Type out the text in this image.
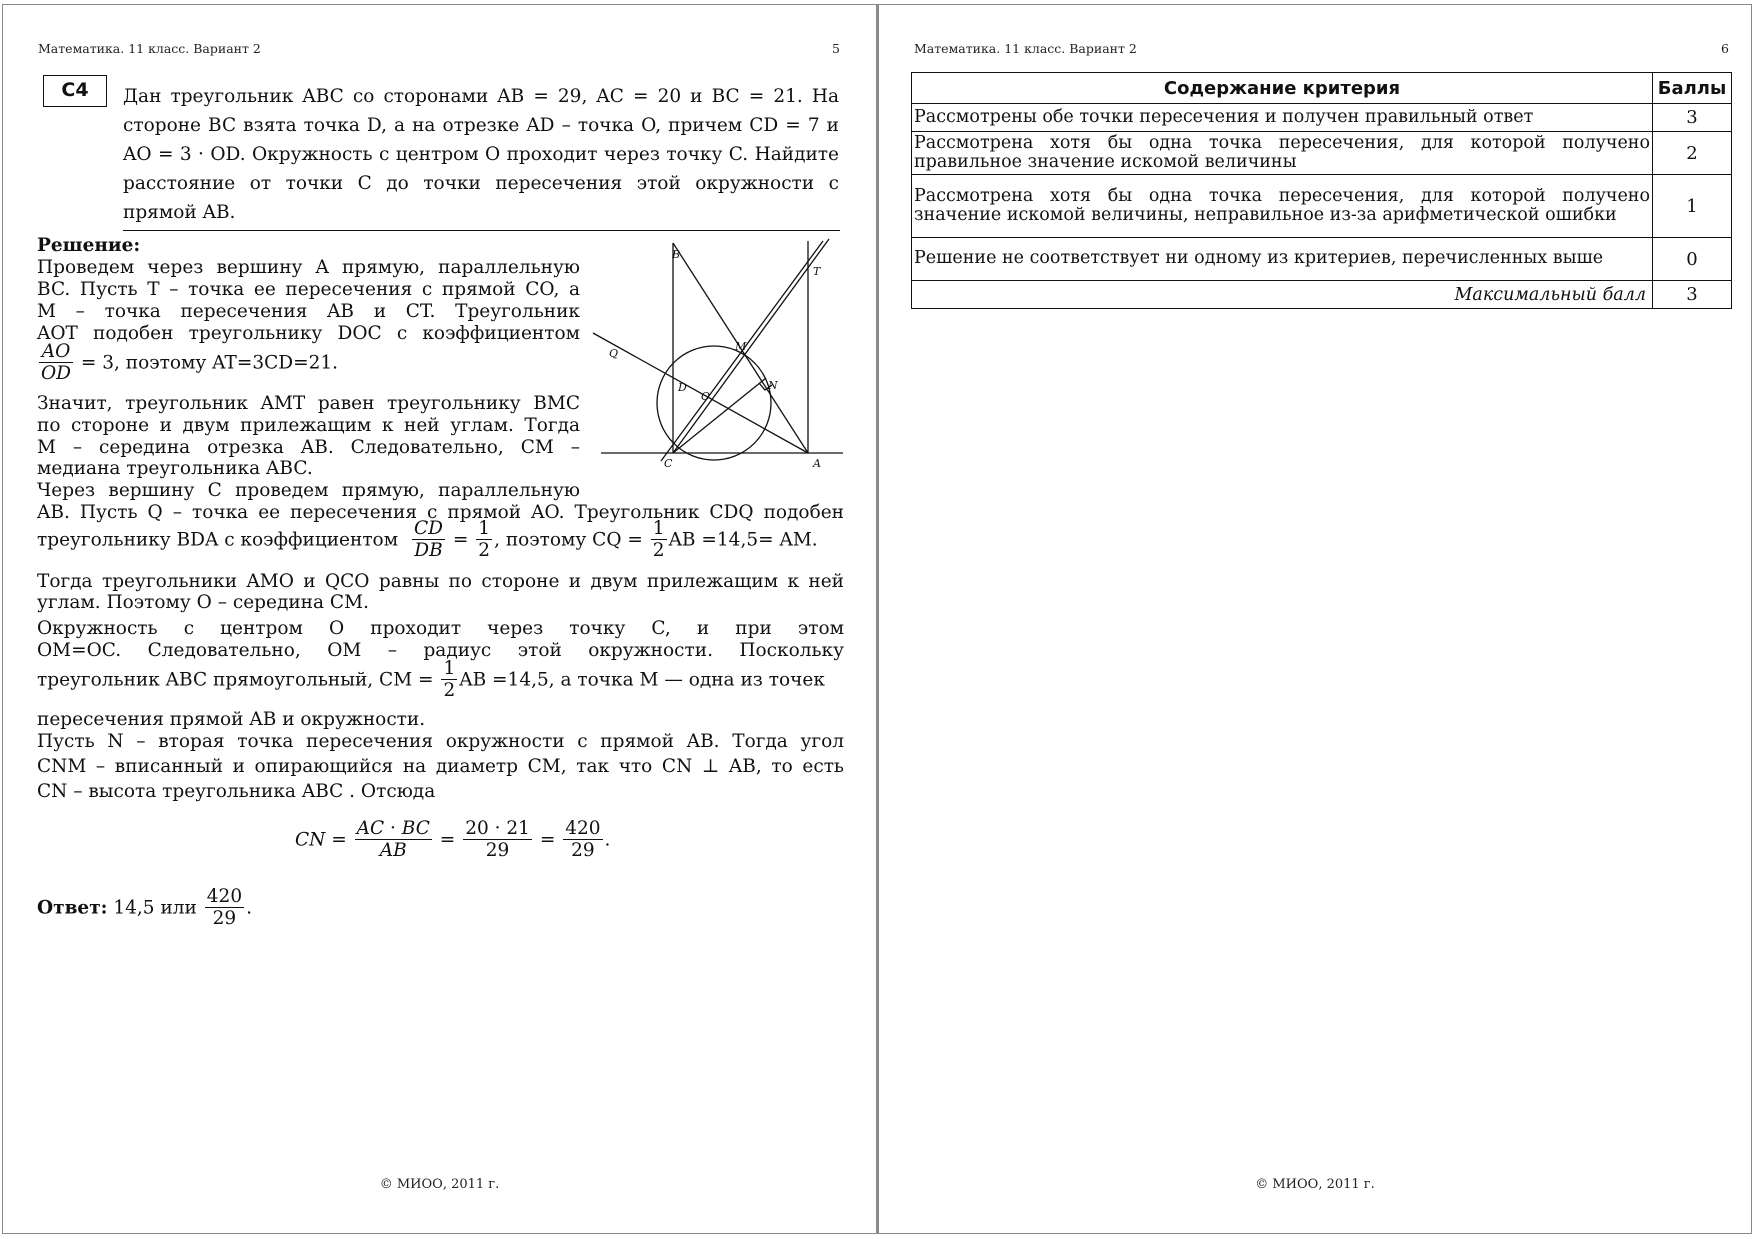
Математика. 11 класс. Вариант 2	5
С4	Дан треугольник ABC со сторонами AB = 29, AC = 20 и BC = 21. На
стороне BC взята точка D, а на отрезке AD – точка O, причем CD = 7 и
AO = 3 · OD. Окружность с центром O проходит через точку C. Найдите
расстояние от точки C до точки пересечения этой окружности с
прямой AB.
Решение:
Проведем через вершину A прямую, параллельную
BC. Пусть T – точка ее пересечения с прямой CO, а
M – точка пересечения AB и CT. Треугольник
AOT подобен треугольнику DOC с коэффициентом
$\frac{AO}{OD} = 3$, поэтому AT=3CD=21.
Значит, треугольник AMT равен треугольнику BMC
по стороне и двум прилежащим к ней углам. Тогда
M – середина отрезка AB. Следовательно, CM –
медиана треугольника ABC.
Через вершину C проведем прямую, параллельную
AB. Пусть Q – точка ее пересечения с прямой AO. Треугольник CDQ подобен
треугольнику BDA с коэффициентом $\frac{CD}{DB} = \frac{1}{2}$ , поэтому CQ = $\frac{1}{2}$ AB =14,5= AM.
Тогда треугольники AMO и QCO равны по стороне и двум прилежащим к ней
углам. Поэтому O – середина CM.
Окружность с центром O проходит через точку C, и при этом
OM=OC. Следовательно, OM – радиус этой окружности. Поскольку
треугольник ABC прямоугольный, CM = $\frac{1}{2}$ AB =14,5, а точка M — одна из точек
пересечения прямой AB и окружности.
Пусть N – вторая точка пересечения окружности с прямой AB. Тогда угол
CNM – вписанный и опирающийся на диаметр CM, так что CN ⊥ AB, то есть
CN – высота треугольника ABC . Отсюда
CN = $\frac{AC \cdot BC}{AB} = \frac{20 \cdot 21}{29} = \frac{420}{29}$ .
Ответ: 14,5 или $\frac{420}{29}$ .
B
A
C
D
O
M
N
Q
T
© МИОО, 2011 г.
Математика. 11 класс. Вариант 2	6
Содержание критерия	Баллы
Рассмотрены обе точки пересечения и получен правильный ответ	3
Рассмотрена хотя бы одна точка пересечения, для которой получено правильное значение искомой величины	2
Рассмотрена хотя бы одна точка пересечения, для которой получено значение искомой величины, неправильное из-за арифметической ошибки	1
Решение не соответствует ни одному из критериев, перечисленных выше	0
Максимальный балл	3
© МИОО, 2011 г.
